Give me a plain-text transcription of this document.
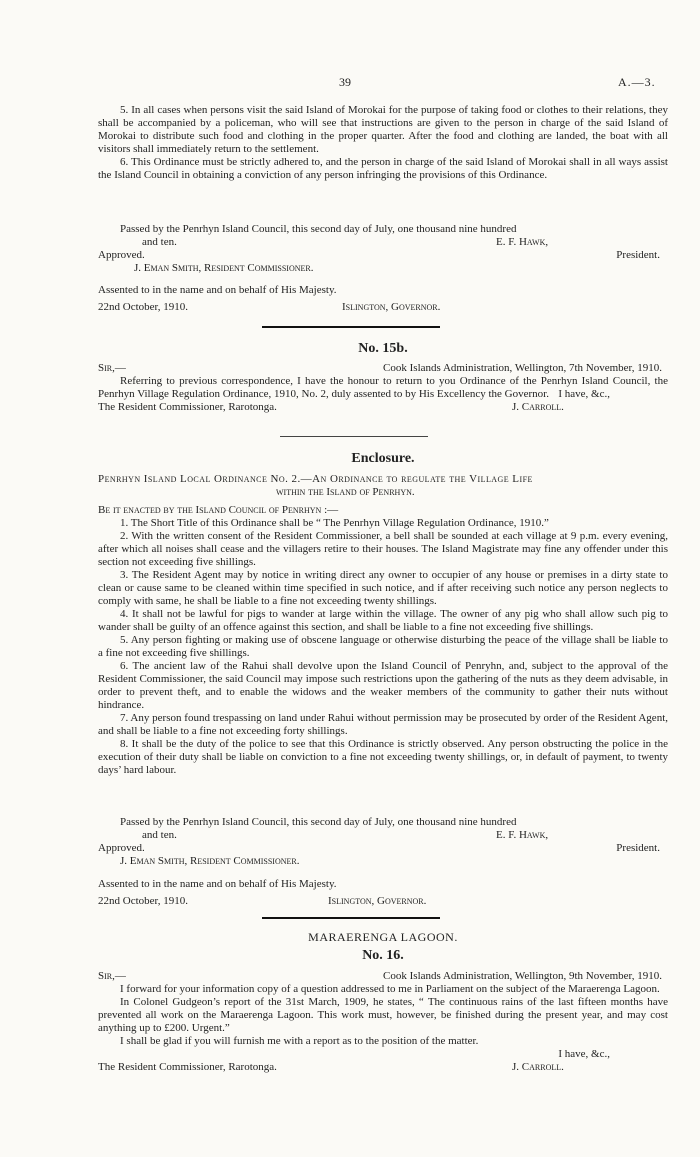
39	A.—3.

5. In all cases when persons visit the said Island of Morokai for the purpose of taking food or clothes to their relations, they shall be accompanied by a policeman, who will see that instructions are given to the person in charge of the said Island of Morokai to distribute such food and clothing in the proper quarter. After the food and clothing are landed, the boat with all visitors shall immediately return to the settlement.

6. This Ordinance must be strictly adhered to, and the person in charge of the said Island of Morokai shall in all ways assist the Island Council in obtaining a conviction of any person infringing the provisions of this Ordinance.

Passed by the Penrhyn Island Council, this second day of July, one thousand nine hundred
and ten.	E. F. Hawk,
Approved.	President.
J. Eman Smith, Resident Commissioner.
Assented to in the name and on behalf of His Majesty.
22nd October, 1910.	Islington, Governor.
No. 15b.
Sir,—	Cook Islands Administration, Wellington, 7th November, 1910.

Referring to previous correspondence, I have the honour to return to you Ordinance of the Penrhyn Island Council, the Penrhyn Village Regulation Ordinance, 1910, No. 2, duly assented to by His Excellency the Governor. I have, &c.,
The Resident Commissioner, Rarotonga.	J. Carroll.
Enclosure.
Penrhyn Island Local Ordinance No. 2.—An Ordinance to regulate the Village Life
within the Island of Penrhyn.

Be it enacted by the Island Council of Penrhyn :—

1. The Short Title of this Ordinance shall be “ The Penrhyn Village Regulation Ordinance, 1910.”

2. With the written consent of the Resident Commissioner, a bell shall be sounded at each village at 9 p.m. every evening, after which all noises shall cease and the villagers retire to their houses. The Island Magistrate may fine any offender under this section not exceeding five shillings.

3. The Resident Agent may by notice in writing direct any owner to occupier of any house or premises in a dirty state to clean or cause same to be cleaned within time specified in such notice, and if after receiving such notice any person neglects to comply with same, he shall be liable to a fine not exceeding twenty shillings.

4. It shall not be lawful for pigs to wander at large within the village. The owner of any pig who shall allow such pig to wander shall be guilty of an offence against this section, and shall be liable to a fine not exceeding five shillings.

5. Any person fighting or making use of obscene language or otherwise disturbing the peace of the village shall be liable to a fine not exceeding five shillings.

6. The ancient law of the Rahui shall devolve upon the Island Council of Penryhn, and, subject to the approval of the Resident Commissioner, the said Council may impose such restrictions upon the gathering of the nuts as they deem advisable, in order to prevent theft, and to enable the widows and the weaker members of the community to gather their nuts without hindrance.

7. Any person found trespassing on land under Rahui without permission may be prosecuted by order of the Resident Agent, and shall be liable to a fine not exceeding forty shillings.

8. It shall be the duty of the police to see that this Ordinance is strictly observed. Any person obstructing the police in the execution of their duty shall be liable on conviction to a fine not exceeding twenty shillings, or, in default of payment, to twenty days’ hard labour.

Passed by the Penrhyn Island Council, this second day of July, one thousand nine hundred
and ten.	E. F. Hawk,
Approved.	President.
J. Eman Smith, Resident Commissioner.
Assented to in the name and on behalf of His Majesty.
22nd October, 1910.	Islington, Governor.
MARAERENGA LAGOON.
No. 16.
Sir,—	Cook Islands Administration, Wellington, 9th November, 1910.

I forward for your information copy of a question addressed to me in Parliament on the subject of the Maraerenga Lagoon.

In Colonel Gudgeon’s report of the 31st March, 1909, he states, “ The continuous rains of the last fifteen months have prevented all work on the Maraerenga Lagoon. This work must, however, be finished during the present year, and may cost anything up to £200. Urgent.”

I shall be glad if you will furnish me with a report as to the position of the matter.

I have, &c.,
The Resident Commissioner, Rarotonga.	J. Carroll.
